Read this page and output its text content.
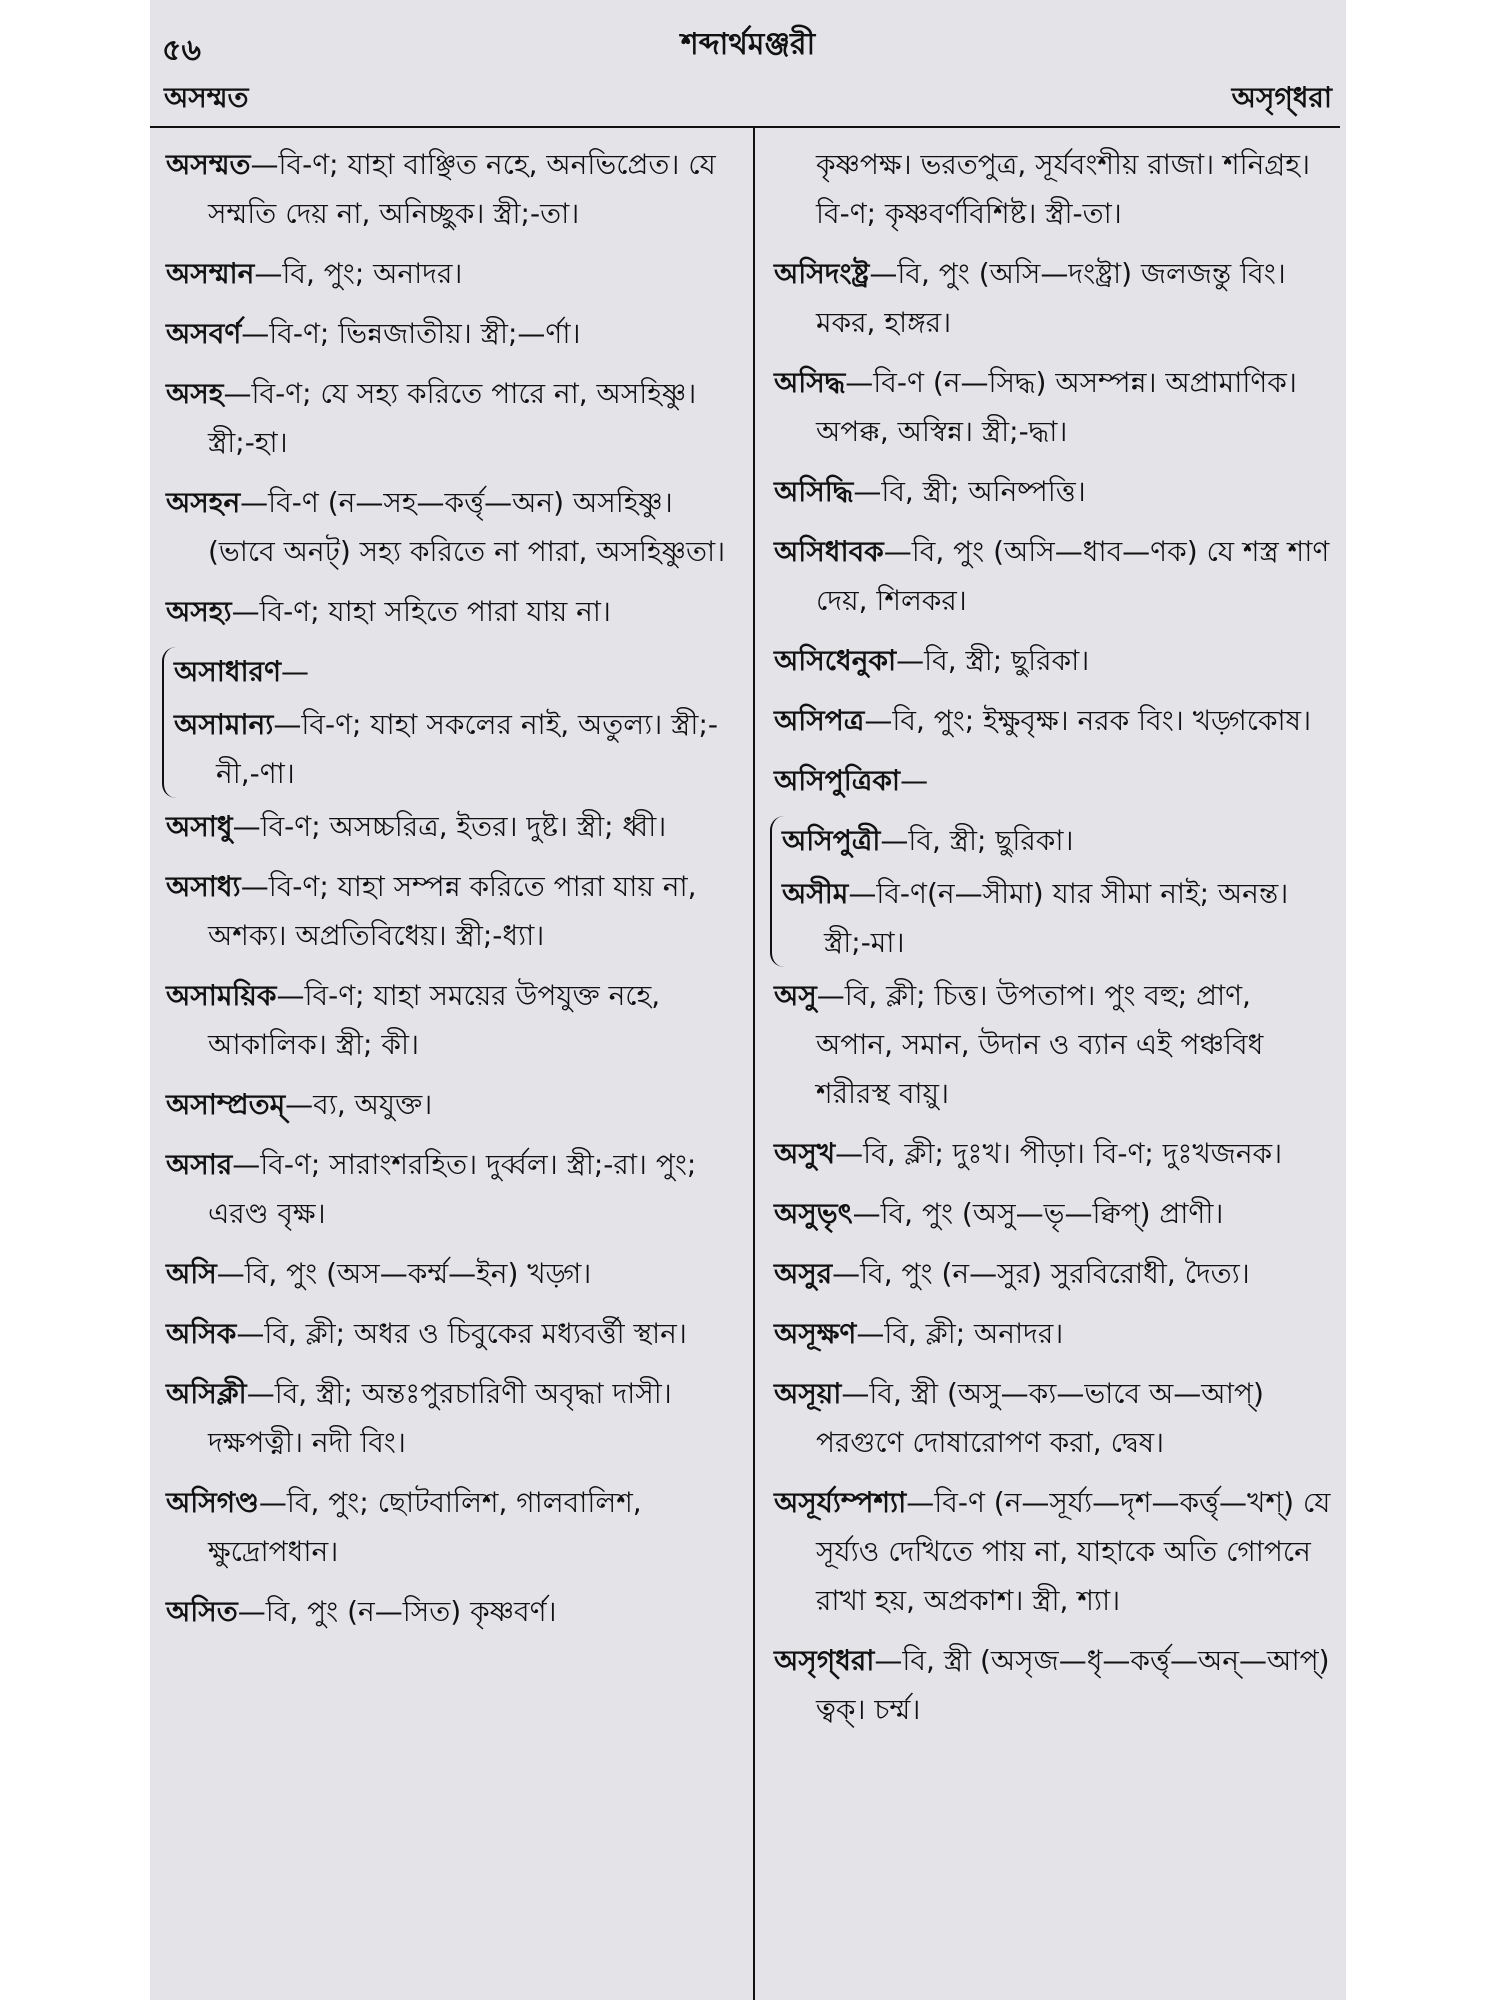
৫৬	শব্দার্থমঞ্জরী
অসম্মত	অসৃগ্‌ধরা

অসম্মত—বি-ণ; যাহা বাঞ্ছিত নহে, অনভিপ্রেত। যে সম্মতি দেয় না, অনিচ্ছুক। স্ত্রী;-তা।

অসম্মান—বি, পুং; অনাদর।

অসবর্ণ—বি-ণ; ভিন্নজাতীয়। স্ত্রী;—র্ণা।

অসহ—বি-ণ; যে সহ্য করিতে পারে না, অসহিষ্ণু। স্ত্রী;-হা।

অসহন—বি-ণ (ন—সহ—কর্ত্তৃ—অন) অসহিষ্ণু। (ভাবে অনট্‌) সহ্য করিতে না পারা, অসহিষ্ণুতা।

অসহ্য—বি-ণ; যাহা সহিতে পারা যায় না।

অসাধারণ—

অসামান্য—বি-ণ; যাহা সকলের নাই, অতুল্য। স্ত্রী;-নী,-ণা।

অসাধু—বি-ণ; অসচ্চরিত্র, ইতর। দুষ্ট। স্ত্রী; ধ্বী।

অসাধ্য—বি-ণ; যাহা সম্পন্ন করিতে পারা যায় না, অশক্য। অপ্রতিবিধেয়। স্ত্রী;-ধ্যা।

অসাময়িক—বি-ণ; যাহা সময়ের উপযুক্ত নহে, আকালিক। স্ত্রী; কী।

অসাম্প্রতম্‌—ব্য, অযুক্ত।

অসার—বি-ণ; সারাংশরহিত। দুর্ব্বল। স্ত্রী;-রা। পুং; এরণ্ড বৃক্ষ।

অসি—বি, পুং (অস—কর্ম্ম—ইন) খড়্গ।

অসিক—বি, ক্লী; অধর ও চিবুকের মধ্যবর্ত্তী স্থান।

অসিক্লী—বি, স্ত্রী; অন্তঃপুরচারিণী অবৃদ্ধা দাসী। দক্ষপত্নী। নদী বিং।

অসিগণ্ড—বি, পুং; ছোটবালিশ, গালবালিশ, ক্ষুদ্রোপধান।

অসিত—বি, পুং (ন—সিত) কৃষ্ণবর্ণ।

কৃষ্ণপক্ষ। ভরতপুত্র, সূর্যবংশীয় রাজা। শনিগ্রহ। বি-ণ; কৃষ্ণবর্ণবিশিষ্ট। স্ত্রী-তা।

অসিদংষ্ট্র—বি, পুং (অসি—দংষ্ট্রা) জলজন্তু বিং। মকর, হাঙ্গর।

অসিদ্ধ—বি-ণ (ন—সিদ্ধ) অসম্পন্ন। অপ্রামাণিক। অপক্ক, অস্বিন্ন। স্ত্রী;-দ্ধা।

অসিদ্ধি—বি, স্ত্রী; অনিষ্পত্তি।

অসিধাবক—বি, পুং (অসি—ধাব—ণক) যে শস্ত্র শাণ দেয়, শিলকর।

অসিধেনুকা—বি, স্ত্রী; ছুরিকা।

অসিপত্র—বি, পুং; ইক্ষুবৃক্ষ। নরক বিং। খড়্গকোষ।

অসিপুত্রিকা—

অসিপুত্রী—বি, স্ত্রী; ছুরিকা।

অসীম—বি-ণ(ন—সীমা) যার সীমা নাই; অনন্ত। স্ত্রী;-মা।

অসু—বি, ক্লী; চিত্ত। উপতাপ। পুং বহু; প্রাণ, অপান, সমান, উদান ও ব্যান এই পঞ্চবিধ শরীরস্থ বায়ু।

অসুখ—বি, ক্লী; দুঃখ। পীড়া। বি-ণ; দুঃখজনক।

অসুভৃৎ—বি, পুং (অসু—ভৃ—ক্বিপ্‌) প্রাণী।

অসুর—বি, পুং (ন—সুর) সুরবিরোধী, দৈত্য।

অসূক্ষণ—বি, ক্লী; অনাদর।

অসূয়া—বি, স্ত্রী (অসু—ক্য—ভাবে অ—আপ্‌) পরগুণে দোষারোপণ করা, দ্বেষ।

অসূর্য্যম্পশ্যা—বি-ণ (ন—সূর্য্য—দৃশ—কর্ত্তৃ—খশ্‌) যে সূর্য্যও দেখিতে পায় না, যাহাকে অতি গোপনে রাখা হয়, অপ্রকাশ। স্ত্রী, শ্যা।

অসৃগ্‌ধরা—বি, স্ত্রী (অসৃজ—ধৃ—কর্ত্তৃ—অন্‌—আপ্‌) ত্বক্‌। চর্ম্ম।
